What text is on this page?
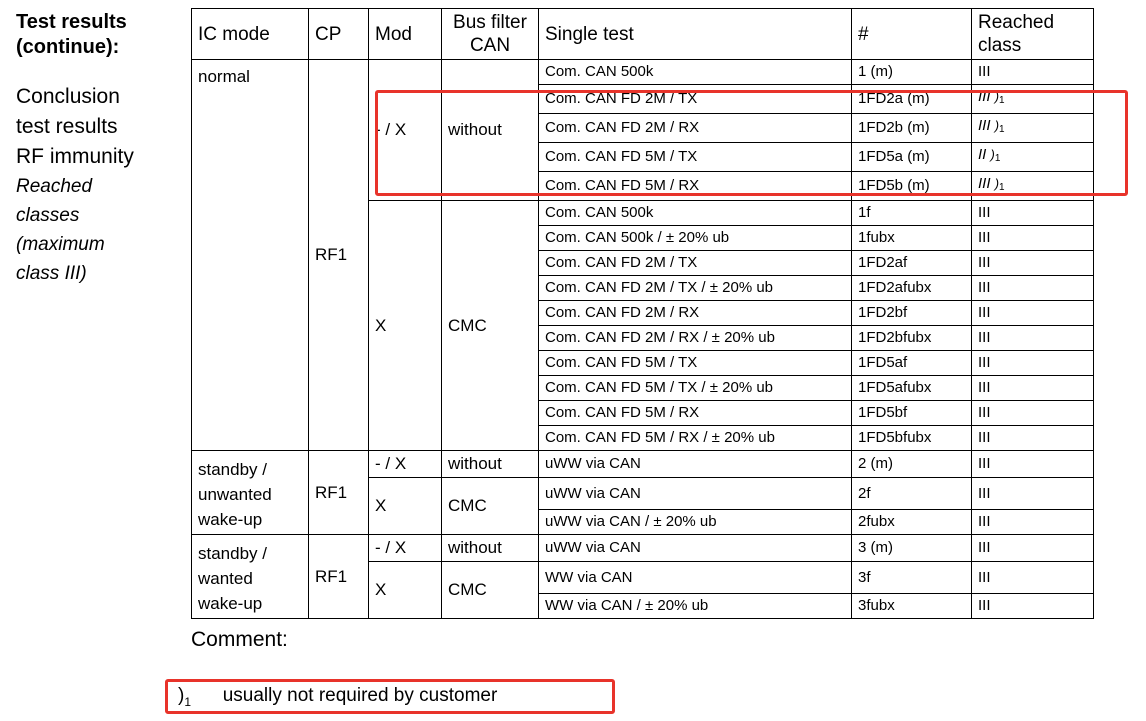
Test results (continue):
Conclusion
test results
RF immunity
Reached
classes
(maximum
class III)
IC mode	CP	Mod	Bus filter CAN	Single test	#	Reached class
normal	RF1	- / X	without	Com. CAN 500k	1 (m)	III
				Com. CAN FD 2M / TX	1FD2a (m)	III )$_1$
				Com. CAN FD 2M / RX	1FD2b (m)	III )$_1$
				Com. CAN FD 5M / TX	1FD5a (m)	II )$_1$
				Com. CAN FD 5M / RX	1FD5b (m)	III )$_1$
		X	CMC	Com. CAN 500k	1f	III
				Com. CAN 500k / ± 20% ub	1fubx	III
				Com. CAN FD 2M / TX	1FD2af	III
				Com. CAN FD 2M / TX / ± 20% ub	1FD2afubx	III
				Com. CAN FD 2M / RX	1FD2bf	III
				Com. CAN FD 2M / RX / ± 20% ub	1FD2bfubx	III
				Com. CAN FD 5M / TX	1FD5af	III
				Com. CAN FD 5M / TX / ± 20% ub	1FD5afubx	III
				Com. CAN FD 5M / RX	1FD5bf	III
				Com. CAN FD 5M / RX / ± 20% ub	1FD5bfubx	III
standby / unwanted wake-up	RF1	- / X	without	uWW via CAN	2 (m)	III
		X	CMC	uWW via CAN	2f	III
				uWW via CAN / ± 20% ub	2fubx	III
standby / wanted wake-up	RF1	- / X	without	uWW via CAN	3 (m)	III
		X	CMC	WW via CAN	3f	III
				WW via CAN / ± 20% ub	3fubx	III
Comment:
)$_1$ usually not required by customer
